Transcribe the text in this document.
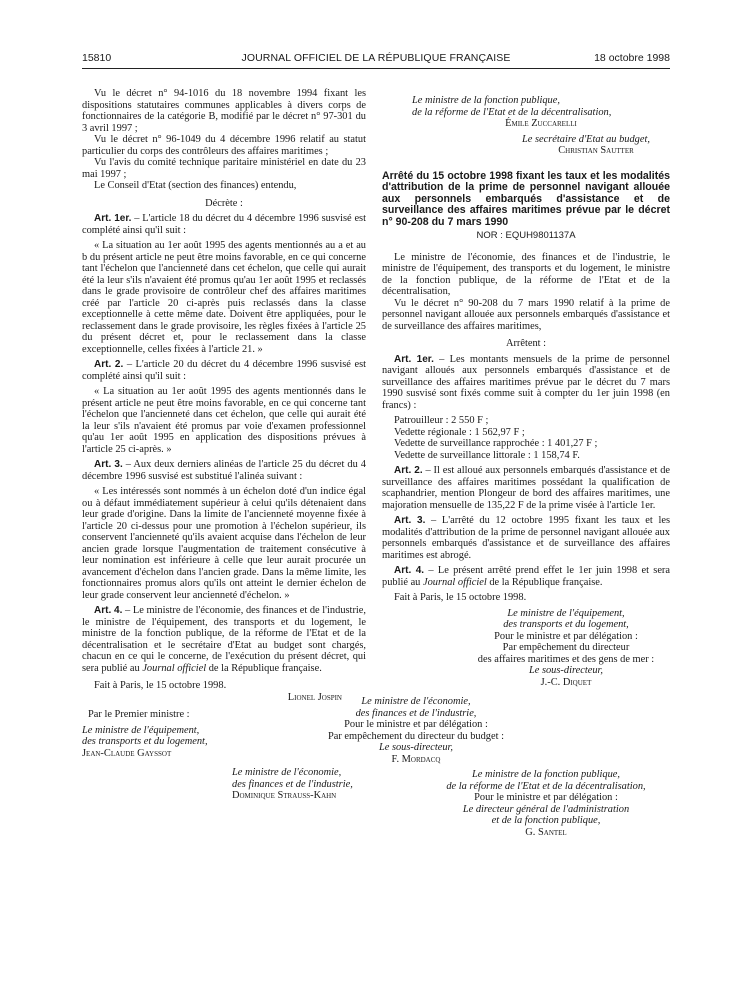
15810	JOURNAL OFFICIEL DE LA RÉPUBLIQUE FRANÇAISE	18 octobre 1998

Vu le décret n° 94-1016 du 18 novembre 1994 fixant les dispositions statutaires communes applicables à divers corps de fonctionnaires de la catégorie B, modifié par le décret n° 97-301 du 3 avril 1997 ;

Vu le décret n° 96-1049 du 4 décembre 1996 relatif au statut particulier du corps des contrôleurs des affaires maritimes ;

Vu l'avis du comité technique paritaire ministériel en date du 23 mai 1997 ;

Le Conseil d'Etat (section des finances) entendu,

Décrète :

Art. 1er. – L'article 18 du décret du 4 décembre 1996 susvisé est complété ainsi qu'il suit :

« La situation au 1er août 1995 des agents mentionnés au a et au b du présent article ne peut être moins favorable, en ce qui concerne tant l'échelon que l'ancienneté dans cet échelon, que celle qui aurait été la leur s'ils n'avaient été promus qu'au 1er août 1995 et reclassés dans le grade provisoire de contrôleur chef des affaires maritimes créé par l'article 20 ci-après puis reclassés dans la classe exceptionnelle à cette même date. Doivent être appliquées, pour le reclassement dans le grade provisoire, les règles fixées à l'article 25 du présent décret et, pour le reclassement dans la classe exceptionnelle, celles fixées à l'article 21. »

Art. 2. – L'article 20 du décret du 4 décembre 1996 susvisé est complété ainsi qu'il suit :

« La situation au 1er août 1995 des agents mentionnés dans le présent article ne peut être moins favorable, en ce qui concerne tant l'échelon que l'ancienneté dans cet échelon, que celle qui aurait été la leur s'ils n'avaient été promus par voie d'examen professionnel qu'au 1er août 1995 en application des dispositions prévues à l'article 25 ci-après. »

Art. 3. – Aux deux derniers alinéas de l'article 25 du décret du 4 décembre 1996 susvisé est substitué l'alinéa suivant :

« Les intéressés sont nommés à un échelon doté d'un indice égal ou à défaut immédiatement supérieur à celui qu'ils détenaient dans leur grade d'origine. Dans la limite de l'ancienneté moyenne fixée à l'article 20 ci-dessus pour une promotion à l'échelon supérieur, ils conservent l'ancienneté qu'ils avaient acquise dans l'échelon de leur ancien grade lorsque l'augmentation de traitement consécutive à leur nomination est inférieure à celle que leur aurait procurée un avancement d'échelon dans l'ancien grade. Dans la même limite, les fonctionnaires promus alors qu'ils ont atteint le dernier échelon de leur grade conservent leur ancienneté d'échelon. »

Art. 4. – Le ministre de l'économie, des finances et de l'industrie, le ministre de l'équipement, des transports et du logement, le ministre de la fonction publique, de la réforme de l'Etat et de la décentralisation et le secrétaire d'Etat au budget sont chargés, chacun en ce qui le concerne, de l'exécution du présent décret, qui sera publié au Journal officiel de la République française.

Fait à Paris, le 15 octobre 1998.

Lionel Jospin

Par le Premier ministre :

Le ministre de l'équipement,

des transports et du logement,

Jean-Claude Gayssot

Le ministre de l'économie,

des finances et de l'industrie,

Dominique Strauss-Kahn

Le ministre de la fonction publique,

de la réforme de l'Etat et de la décentralisation,

Émile Zuccarelli

Le secrétaire d'Etat au budget,

Christian Sautter

Arrêté du 15 octobre 1998 fixant les taux et les modalités d'attribution de la prime de personnel navigant allouée aux personnels embarqués d'assistance et de surveillance des affaires maritimes prévue par le décret n° 90-208 du 7 mars 1990

NOR : EQUH9801137A

Le ministre de l'économie, des finances et de l'industrie, le ministre de l'équipement, des transports et du logement, le ministre de la fonction publique, de la réforme de l'Etat et de la décentralisation,

Vu le décret n° 90-208 du 7 mars 1990 relatif à la prime de personnel navigant allouée aux personnels embarqués d'assistance et de surveillance des affaires maritimes,

Arrêtent :

Art. 1er. – Les montants mensuels de la prime de personnel navigant alloués aux personnels embarqués d'assistance et de surveillance des affaires maritimes prévue par le décret du 7 mars 1990 susvisé sont fixés comme suit à compter du 1er juin 1998 (en francs) :

Patrouilleur : 2 550 F ;

Vedette régionale : 1 562,97 F ;

Vedette de surveillance rapprochée : 1 401,27 F ;

Vedette de surveillance littorale : 1 158,74 F.

Art. 2. – Il est alloué aux personnels embarqués d'assistance et de surveillance des affaires maritimes possédant la qualification de scaphandrier, mention Plongeur de bord des affaires maritimes, une majoration mensuelle de 135,22 F de la prime visée à l'article 1er.

Art. 3. – L'arrêté du 12 octobre 1995 fixant les taux et les modalités d'attribution de la prime de personnel navigant allouée aux personnels embarqués d'assistance et de surveillance des affaires maritimes est abrogé.

Art. 4. – Le présent arrêté prend effet le 1er juin 1998 et sera publié au Journal officiel de la République française.

Fait à Paris, le 15 octobre 1998.

Le ministre de l'équipement,

des transports et du logement,

Pour le ministre et par délégation :

Par empêchement du directeur

des affaires maritimes et des gens de mer :

Le sous-directeur,

J.-C. Diquet

Le ministre de l'économie,

des finances et de l'industrie,

Pour le ministre et par délégation :

Par empêchement du directeur du budget :

Le sous-directeur,

F. Mordacq

Le ministre de la fonction publique,

de la réforme de l'Etat et de la décentralisation,

Pour le ministre et par délégation :

Le directeur général de l'administration

et de la fonction publique,

G. Santel
